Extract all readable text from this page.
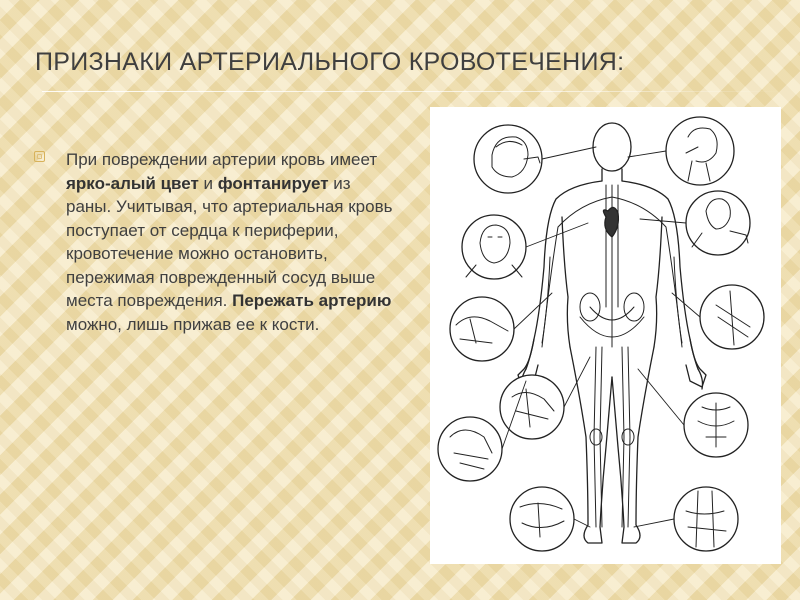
ПРИЗНАКИ АРТЕРИАЛЬНОГО КРОВОТЕЧЕНИЯ:
При повреждении артерии кровь имеет ярко-алый цвет и фонтанирует из раны. Учитывая, что артериальная кровь поступает от сердца к периферии, кровотечение можно остановить, пережимая поврежденный сосуд выше места повреждения. Пережать артерию можно, лишь прижав ее к кости.
